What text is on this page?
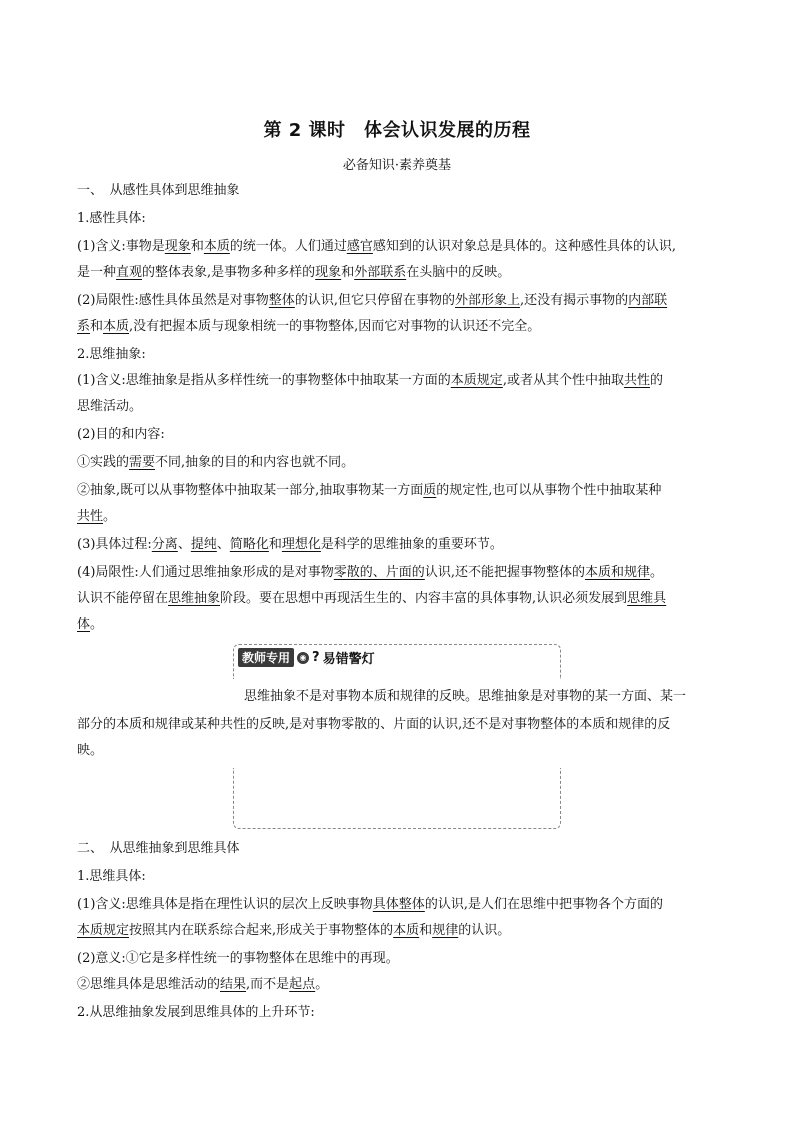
第 2 课时　体会认识发展的历程
必备知识·素养奠基
一、　从感性具体到思维抽象
1.感性具体:
(1)含义:事物是现象和本质的统一体。人们通过感官感知到的认识对象总是具体的。这种感性具体的认识,
是一种直观的整体表象,是事物多种多样的现象和外部联系在头脑中的反映。
(2)局限性:感性具体虽然是对事物整体的认识,但它只停留在事物的外部形象上,还没有揭示事物的内部联
系和本质,没有把握本质与现象相统一的事物整体,因而它对事物的认识还不完全。
2.思维抽象:
(1)含义:思维抽象是指从多样性统一的事物整体中抽取某一方面的本质规定,或者从其个性中抽取共性的
思维活动。
(2)目的和内容:
①实践的需要不同,抽象的目的和内容也就不同。
②抽象,既可以从事物整体中抽取某一部分,抽取事物某一方面质的规定性,也可以从事物个性中抽取某种
共性。
(3)具体过程:分离、提纯、简略化和理想化是科学的思维抽象的重要环节。
(4)局限性:人们通过思维抽象形成的是对事物零散的、片面的认识,还不能把握事物整体的本质和规律。
认识不能停留在思维抽象阶段。要在思想中再现活生生的、内容丰富的具体事物,认识必须发展到思维具
体。
教师专用	◉ ? 易错警灯
思维抽象不是对事物本质和规律的反映。思维抽象是对事物的某一方面、某一
部分的本质和规律或某种共性的反映,是对事物零散的、片面的认识,还不是对事物整体的本质和规律的反
映。
二、　从思维抽象到思维具体
1.思维具体:
(1)含义:思维具体是指在理性认识的层次上反映事物具体整体的认识,是人们在思维中把事物各个方面的
本质规定按照其内在联系综合起来,形成关于事物整体的本质和规律的认识。
(2)意义:①它是多样性统一的事物整体在思维中的再现。
②思维具体是思维活动的结果,而不是起点。
2.从思维抽象发展到思维具体的上升环节:
